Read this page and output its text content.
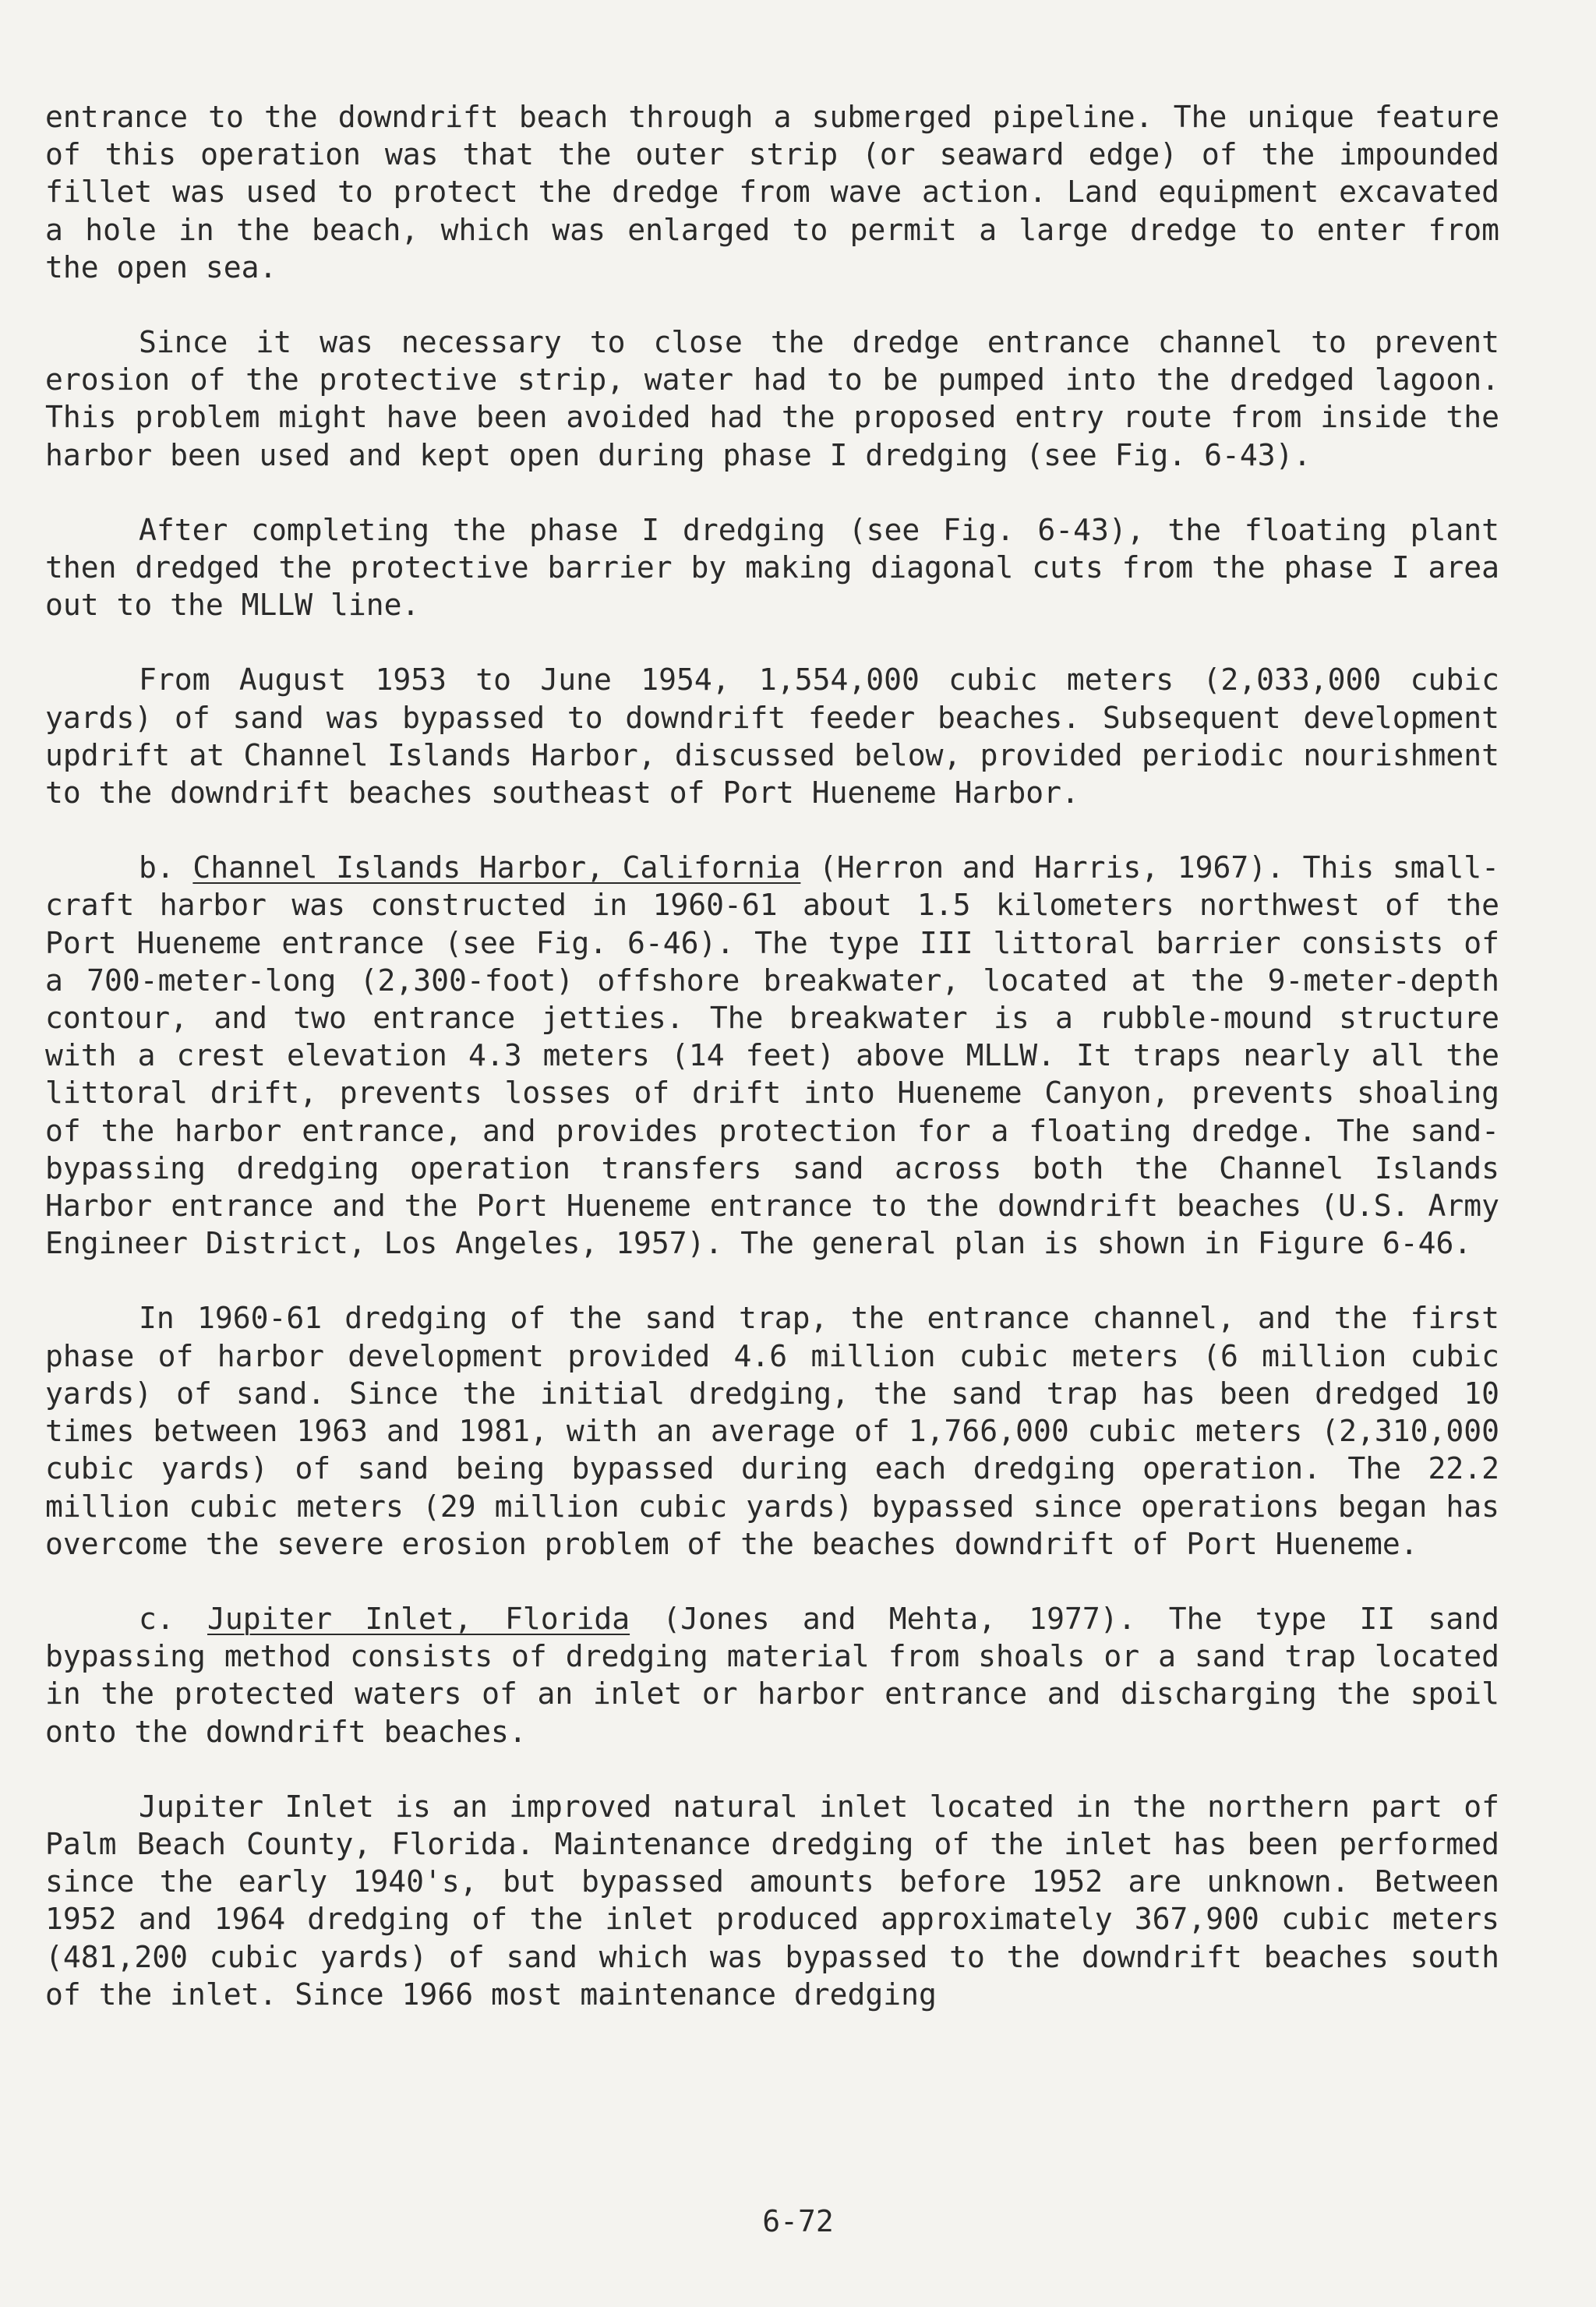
entrance to the downdrift beach through a submerged pipeline. The unique feature of this operation was that the outer strip (or seaward edge) of the impounded fillet was used to protect the dredge from wave action. Land equipment excavated a hole in the beach, which was enlarged to permit a large dredge to enter from the open sea.

Since it was necessary to close the dredge entrance channel to prevent erosion of the protective strip, water had to be pumped into the dredged lagoon. This problem might have been avoided had the proposed entry route from inside the harbor been used and kept open during phase I dredging (see Fig. 6-43).

After completing the phase I dredging (see Fig. 6-43), the floating plant then dredged the protective barrier by making diagonal cuts from the phase I area out to the MLLW line.

From August 1953 to June 1954, 1,554,000 cubic meters (2,033,000 cubic yards) of sand was bypassed to downdrift feeder beaches. Subsequent development updrift at Channel Islands Harbor, discussed below, provided periodic nourishment to the downdrift beaches southeast of Port Hueneme Harbor.

b. Channel Islands Harbor, California (Herron and Harris, 1967). This small-craft harbor was constructed in 1960-61 about 1.5 kilometers northwest of the Port Hueneme entrance (see Fig. 6-46). The type III littoral barrier consists of a 700-meter-long (2,300-foot) offshore breakwater, located at the 9-meter-depth contour, and two entrance jetties. The breakwater is a rubble-mound structure with a crest elevation 4.3 meters (14 feet) above MLLW. It traps nearly all the littoral drift, prevents losses of drift into Hueneme Canyon, prevents shoaling of the harbor entrance, and provides protection for a floating dredge. The sand-bypassing dredging operation transfers sand across both the Channel Islands Harbor entrance and the Port Hueneme entrance to the downdrift beaches (U.S. Army Engineer District, Los Angeles, 1957). The general plan is shown in Figure 6-46.

In 1960-61 dredging of the sand trap, the entrance channel, and the first phase of harbor development provided 4.6 million cubic meters (6 million cubic yards) of sand. Since the initial dredging, the sand trap has been dredged 10 times between 1963 and 1981, with an average of 1,766,000 cubic meters (2,310,000 cubic yards) of sand being bypassed during each dredging operation. The 22.2 million cubic meters (29 million cubic yards) bypassed since operations began has overcome the severe erosion problem of the beaches downdrift of Port Hueneme.

c. Jupiter Inlet, Florida (Jones and Mehta, 1977). The type II sand bypassing method consists of dredging material from shoals or a sand trap located in the protected waters of an inlet or harbor entrance and discharging the spoil onto the downdrift beaches.

Jupiter Inlet is an improved natural inlet located in the northern part of Palm Beach County, Florida. Maintenance dredging of the inlet has been performed since the early 1940's, but bypassed amounts before 1952 are unknown. Between 1952 and 1964 dredging of the inlet produced approximately 367,900 cubic meters (481,200 cubic yards) of sand which was bypassed to the downdrift beaches south of the inlet. Since 1966 most maintenance dredging

6-72
